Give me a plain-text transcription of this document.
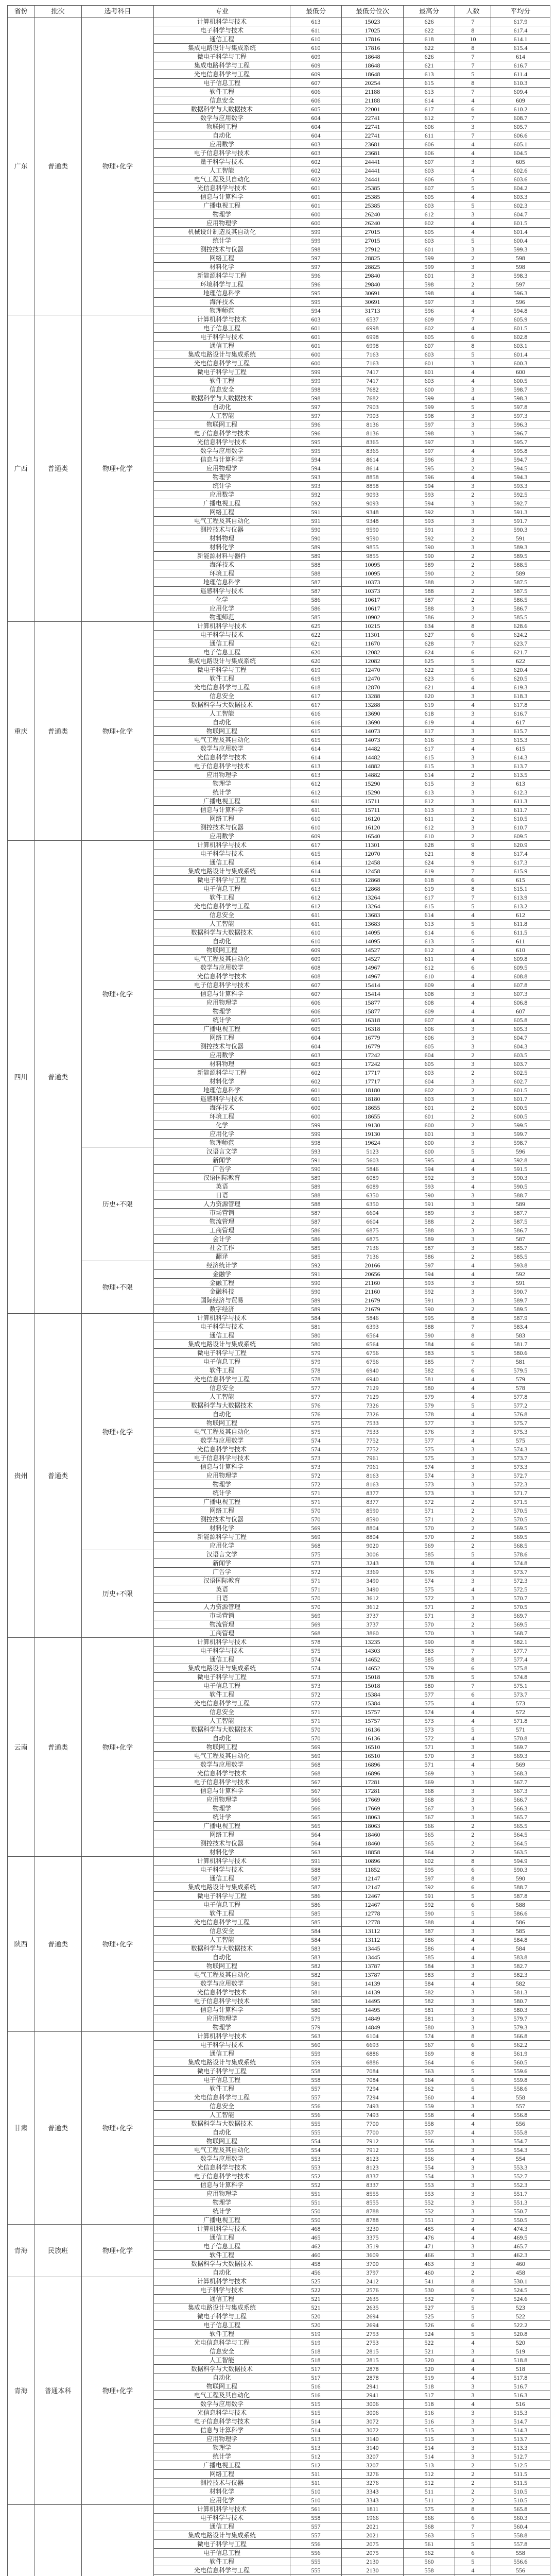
省份	批次	选考科目	专业	最低分	最低分位次	最高分	人数	平均分
广东	普通类	物理+化学	计算机科学与技术	613	15023	626	7	617.9
			电子科学与技术	611	17025	622	8	617.4
			通信工程	610	17816	618	10	614.1
			集成电路设计与集成系统	610	17816	622	8	615.4
			微电子科学与工程	609	18648	626	7	614
			集成电路科学与工程	609	18648	621	7	616.7
			光电信息科学与工程	609	18648	613	5	611.4
			电子信息工程	607	20254	615	8	610.3
			软件工程	606	21188	613	7	609.4
			信息安全	606	21188	614	4	609
			数据科学与大数据技术	605	22001	617	6	610.2
			数学与应用数学	604	22741	612	7	608.7
			物联网工程	604	22741	606	3	605.7
			自动化	604	22741	611	7	606.6
			应用数学	603	23681	606	4	605.1
			电子信息科学与技术	603	23681	606	4	604.5
			量子科学与技术	602	24441	607	3	605
			人工智能	602	24441	603	4	602.6
			电气工程及其自动化	602	24441	606	5	603.6
			光信息科学与技术	601	25385	607	5	604.2
			信息与计算科学	601	25385	605	4	603.3
			广播电视工程	601	25385	603	5	602.3
			物理学	600	26240	612	3	604.7
			应用物理学	600	26240	602	4	601.5
			机械设计制造及其自动化	599	27015	605	4	601.4
			统计学	599	27015	603	5	600.4
			测控技术与仪器	598	27912	601	3	599.3
			网络工程	597	28825	599	2	598
			材料化学	597	28825	599	3	598
			新能源科学与工程	596	29840	601	3	598.3
			环境科学与工程	596	29840	598	2	597
			地理信息科学	595	30691	598	4	596.3
			海洋技术	595	30691	597	3	596
			物理师范	594	31713	596	4	594.8
广西	普通类	物理+化学	计算机科学与技术	603	6537	609	7	605.9
			电子信息工程	601	6998	602	4	601.5
			电子科学与技术	601	6998	605	6	602.8
			通信工程	601	6998	607	8	603.1
			集成电路设计与集成系统	600	7163	603	5	601.4
			光电信息科学与工程	600	7163	601	3	600.3
			微电子科学与工程	599	7417	601	4	600
			软件工程	599	7417	603	4	600.5
			信息安全	598	7682	600	3	598.7
			数据科学与大数据技术	598	7682	599	4	598.3
			自动化	597	7903	599	5	597.8
			人工智能	597	7903	598	3	597.3
			物联网工程	596	8136	597	3	596.3
			电子信息科学与技术	596	8136	598	3	596.7
			光信息科学与技术	595	8365	597	3	595.7
			数学与应用数学	595	8365	597	4	595.8
			信息与计算科学	594	8614	596	3	594.7
			应用物理学	594	8614	595	2	594.5
			物理学	593	8858	596	4	594.3
			统计学	593	8858	594	3	593.3
			应用数学	592	9093	593	2	592.5
			广播电视工程	592	9093	594	3	592.7
			网络工程	591	9348	592	3	591.3
			电气工程及其自动化	591	9348	593	3	591.7
			测控技术与仪器	590	9590	591	3	590.3
			材料物理	590	9590	592	2	591
			材料化学	589	9855	590	3	589.3
			新能源材料与器件	589	9855	590	2	589.5
			海洋技术	588	10095	589	2	588.5
			环境工程	588	10095	590	2	589
			地理信息科学	587	10373	588	2	587.5
			遥感科学与技术	587	10373	588	2	587.5
			化学	586	10617	587	2	586.5
			应用化学	586	10617	588	3	586.7
			物理师范	585	10902	586	2	585.5
重庆	普通类	物理+化学	计算机科学与技术	625	10215	634	8	628.6
			电子科学与技术	622	11301	627	6	624.2
			通信工程	621	11670	628	7	623.7
			电子信息工程	620	12082	624	6	621.7
			集成电路设计与集成系统	620	12082	625	5	622
			微电子科学与工程	619	12470	622	5	620.4
			软件工程	619	12470	623	6	620.5
			光电信息科学与工程	618	12870	621	4	619.3
			信息安全	617	13288	620	3	618.3
			数据科学与大数据技术	617	13288	619	4	617.8
			人工智能	616	13690	618	3	616.7
			自动化	616	13690	619	4	617
			物联网工程	615	14073	617	3	615.7
			电气工程及其自动化	615	14073	616	3	615.3
			数学与应用数学	614	14482	617	4	615
			光信息科学与技术	614	14482	615	3	614.3
			电子信息科学与技术	613	14882	615	3	613.7
			应用物理学	613	14882	614	2	613.5
			物理学	612	15290	615	3	613
			统计学	612	15290	613	3	612.3
			广播电视工程	611	15711	612	3	611.3
			信息与计算科学	611	15711	613	3	611.7
			网络工程	610	16120	611	2	610.5
			测控技术与仪器	610	16120	612	3	610.7
			应用数学	609	16540	610	2	609.5
四川	普通类	物理+化学	计算机科学与技术	617	11301	628	9	620.9
			电子科学与技术	615	12070	621	8	617.4
			通信工程	614	12458	624	9	617.3
			集成电路设计与集成系统	614	12458	619	7	615.9
			微电子科学与工程	613	12868	618	6	615
			电子信息工程	613	12868	619	8	615.1
			软件工程	612	13264	617	7	613.9
			光电信息科学与工程	612	13264	615	5	613.2
			信息安全	611	13683	614	4	612
			人工智能	611	13683	613	5	611.8
			数据科学与大数据技术	610	14095	614	6	611.5
			自动化	610	14095	613	5	611
			物联网工程	609	14527	612	4	610
			电气工程及其自动化	609	14527	611	4	609.8
			数学与应用数学	608	14967	612	6	609.5
			光信息科学与技术	608	14967	610	4	608.8
			电子信息科学与技术	607	15414	609	4	607.8
			信息与计算科学	607	15414	608	3	607.3
			应用物理学	606	15877	608	4	606.8
			物理学	606	15877	609	4	607
			统计学	605	16318	607	4	605.8
			广播电视工程	605	16318	606	3	605.3
			网络工程	604	16779	606	3	604.7
			测控技术与仪器	604	16779	605	3	604.3
			应用数学	603	17242	604	2	603.5
			材料物理	603	17242	605	3	603.7
			新能源科学与工程	602	17717	603	2	602.5
			材料化学	602	17717	604	3	602.7
			地理信息科学	601	18180	602	2	601.5
			遥感科学与技术	601	18180	603	3	601.7
			海洋技术	600	18655	601	2	600.5
			环境工程	600	18655	601	2	600.5
			化学	599	19130	600	2	599.5
			应用化学	599	19130	601	3	599.7
			物理师范	598	19624	600	3	598.7
		历史+不限	汉语言文学	593	5123	600	5	596
			新闻学	591	5603	595	4	592.8
			广告学	590	5846	594	4	591.5
			汉语国际教育	589	6089	592	3	590.3
			英语	589	6089	593	4	590.5
			日语	588	6350	590	3	588.7
			人力资源管理	588	6350	591	3	589
			市场营销	587	6604	589	3	587.7
			物流管理	587	6604	588	2	587.5
			工商管理	586	6875	588	3	586.7
			会计学	586	6875	589	3	587
			社会工作	585	7136	587	3	585.7
			翻译	585	7136	586	2	585.5
		物理+不限	经济统计学	592	20166	597	4	593.8
			金融学	591	20656	594	4	592
			金融工程	590	21160	593	3	591
			金融科技	590	21160	592	3	590.7
			国际经济与贸易	589	21679	591	3	589.7
			数字经济	589	21679	590	2	589.5
贵州	普通类	物理+化学	计算机科学与技术	584	5846	595	8	587.9
			电子科学与技术	581	6393	588	7	583.4
			通信工程	580	6564	590	8	583
			集成电路设计与集成系统	580	6564	584	6	581.7
			微电子科学与工程	579	6756	583	5	580.6
			电子信息工程	579	6756	585	7	581
			软件工程	578	6940	582	6	579.5
			光电信息科学与工程	578	6940	581	4	579
			信息安全	577	7129	580	4	578
			人工智能	577	7129	579	4	577.8
			数据科学与大数据技术	576	7326	579	5	577.2
			自动化	576	7326	578	4	576.8
			物联网工程	575	7533	577	3	575.7
			电气工程及其自动化	575	7533	576	3	575.3
			数学与应用数学	574	7752	577	4	575
			光信息科学与技术	574	7752	575	3	574.3
			电子信息科学与技术	573	7961	575	3	573.7
			信息与计算科学	573	7961	574	3	573.3
			应用物理学	572	8163	574	3	572.7
			物理学	572	8163	573	3	572.3
			统计学	571	8377	573	3	571.7
			广播电视工程	571	8377	572	2	571.5
			网络工程	570	8590	571	2	570.5
			测控技术与仪器	570	8590	571	2	570.5
			材料化学	569	8804	570	2	569.5
			新能源科学与工程	569	8804	570	2	569.5
			应用化学	568	9020	569	2	568.5
		历史+不限	汉语言文学	575	3006	585	5	578.6
			新闻学	573	3243	578	4	574.8
			广告学	572	3369	576	3	573.7
			汉语国际教育	571	3490	574	3	572.3
			英语	571	3490	575	4	572.5
			日语	570	3612	572	3	570.7
			人力资源管理	570	3612	571	2	570.5
			市场营销	569	3737	571	3	569.7
			物流管理	569	3737	570	2	569.5
			工商管理	568	3860	570	3	568.7
云南	普通类	物理+化学	计算机科学与技术	578	13235	590	8	582.1
			电子科学与技术	575	14303	583	7	577.7
			通信工程	574	14652	585	8	577.4
			集成电路设计与集成系统	574	14652	579	6	575.8
			微电子科学与工程	573	15018	578	5	574.8
			电子信息工程	573	15018	580	7	575.1
			软件工程	572	15384	577	6	573.7
			光电信息科学与工程	572	15384	575	4	573
			信息安全	571	15757	574	4	572
			人工智能	571	15757	573	4	571.8
			数据科学与大数据技术	570	16136	573	5	571
			自动化	570	16136	572	4	570.8
			物联网工程	569	16510	571	3	569.7
			电气工程及其自动化	569	16510	570	3	569.3
			数学与应用数学	568	16896	571	4	569
			光信息科学与技术	568	16896	569	3	568.3
			电子信息科学与技术	567	17281	569	3	567.7
			信息与计算科学	567	17281	568	3	567.3
			应用物理学	566	17669	568	3	566.7
			物理学	566	17669	567	3	566.3
			统计学	565	18063	567	3	565.7
			广播电视工程	565	18063	566	2	565.5
			网络工程	564	18460	565	2	564.5
			测控技术与仪器	564	18460	565	2	564.5
			材料化学	563	18858	564	2	563.5
陕西	普通类	物理+化学	计算机科学与技术	591	10896	602	8	594.9
			电子科学与技术	588	11852	595	6	590.3
			通信工程	587	12147	597	8	590
			集成电路设计与集成系统	587	12147	592	6	588.7
			微电子科学与工程	586	12467	591	5	587.8
			电子信息工程	586	12467	592	6	588
			软件工程	585	12778	590	5	586.6
			光电信息科学与工程	585	12778	588	4	586
			信息安全	584	13112	587	3	585
			人工智能	584	13112	586	4	584.8
			数据科学与大数据技术	583	13445	586	4	584
			自动化	583	13445	585	4	583.8
			物联网工程	582	13787	584	3	582.7
			电气工程及其自动化	582	13787	583	3	582.3
			数学与应用数学	581	14139	584	4	582
			光信息科学与技术	581	14139	582	3	581.3
			电子信息科学与技术	580	14495	582	3	580.7
			信息与计算科学	580	14495	581	3	580.3
			应用物理学	579	14849	581	3	579.7
			物理学	579	14849	580	3	579.3
甘肃	普通类	物理+化学	计算机科学与技术	563	6104	574	8	566.8
			电子科学与技术	560	6693	567	6	562.2
			通信工程	559	6886	569	8	561.9
			集成电路设计与集成系统	559	6886	564	6	560.5
			微电子科学与工程	558	7084	563	5	559.6
			电子信息工程	558	7084	564	6	559.8
			软件工程	557	7294	562	5	558.6
			光电信息科学与工程	557	7294	560	4	558
			信息安全	556	7493	559	3	557
			人工智能	556	7493	558	4	556.8
			数据科学与大数据技术	555	7700	558	4	556
			自动化	555	7700	557	4	555.8
			物联网工程	554	7912	556	3	554.7
			电气工程及其自动化	554	7912	555	3	554.3
			数学与应用数学	553	8123	556	4	554
			光信息科学与技术	553	8123	554	3	553.3
			电子信息科学与技术	552	8337	554	3	552.7
			信息与计算科学	552	8337	553	3	552.3
			应用物理学	551	8555	553	3	551.7
			物理学	551	8555	552	3	551.3
			统计学	550	8788	552	3	550.7
			广播电视工程	550	8788	551	2	550.5
青海	民族班	物理+化学	计算机科学与技术	468	3230	485	4	474.3
			通信工程	465	3375	476	4	469.5
			电子信息工程	462	3519	471	3	465.7
			软件工程	460	3609	466	3	462.3
			数据科学与大数据技术	458	3700	463	3	460
			自动化	456	3797	460	2	458
青海	普通本科	物理+化学	计算机科学与技术	525	2412	541	8	530.1
			电子科学与技术	522	2576	530	6	524.5
			通信工程	521	2635	532	7	524.6
			集成电路设计与集成系统	521	2635	527	5	523
			微电子科学与工程	520	2694	525	5	522
			电子信息工程	520	2694	526	6	522.2
			软件工程	519	2753	524	5	520.8
			光电信息科学与工程	519	2753	522	4	520
			信息安全	518	2815	521	3	519
			人工智能	518	2815	520	4	518.8
			数据科学与大数据技术	517	2878	520	4	518
			自动化	517	2878	519	4	517.8
			物联网工程	516	2941	518	3	516.7
			电气工程及其自动化	516	2941	517	3	516.3
			数学与应用数学	515	3006	518	4	516
			光信息科学与技术	515	3006	516	3	515.3
			电子信息科学与技术	514	3072	516	3	514.7
			信息与计算科学	514	3072	515	3	514.3
			应用物理学	513	3140	515	3	513.7
			物理学	513	3140	514	3	513.3
			统计学	512	3207	514	3	512.7
			广播电视工程	512	3207	513	2	512.5
			网络工程	511	3276	512	2	511.5
			测控技术与仪器	511	3276	512	2	511.5
			材料化学	510	3343	511	2	510.5
			应用化学	510	3343	511	2	510.5
			计算机科学与技术	561	1811	575	8	565.8
			电子科学与技术	558	1966	566	6	560.3
			通信工程	557	2021	568	7	560.4
			集成电路设计与集成系统	557	2021	563	5	558.8
			微电子科学与工程	556	2075	561	5	557.8
			电子信息工程	556	2075	562	6	558
			软件工程	555	2130	560	5	556.6
			光电信息科学与工程	555	2130	558	4	556
